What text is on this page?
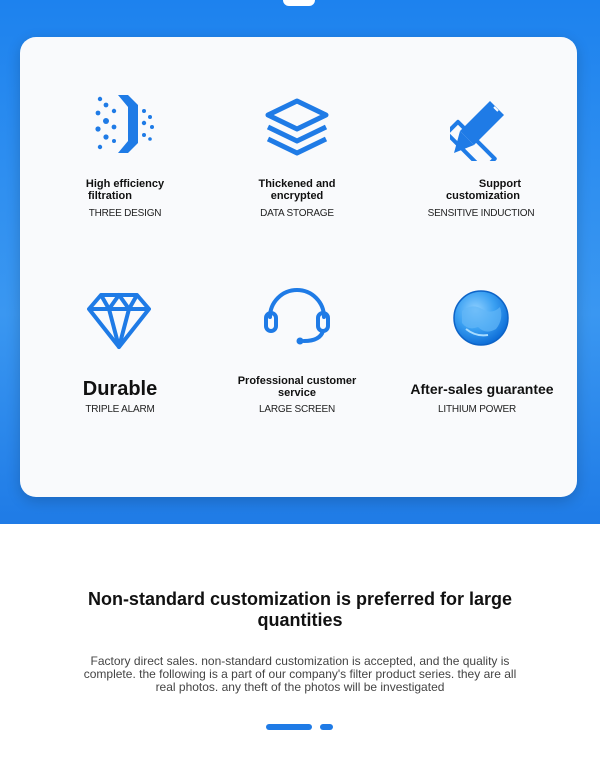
High efficiency
filtration
THREE DESIGN
Thickened and
encrypted
DATA STORAGE
Support
customization
SENSITIVE INDUCTION
Durable
TRIPLE ALARM
Professional customer
service
LARGE SCREEN
After-sales guarantee
LITHIUM POWER
Non-standard customization is preferred for large
quantities
Factory direct sales. non-standard customization is accepted, and the quality is
complete. the following is a part of our company's filter product series. they are all
real photos. any theft of the photos will be investigated
